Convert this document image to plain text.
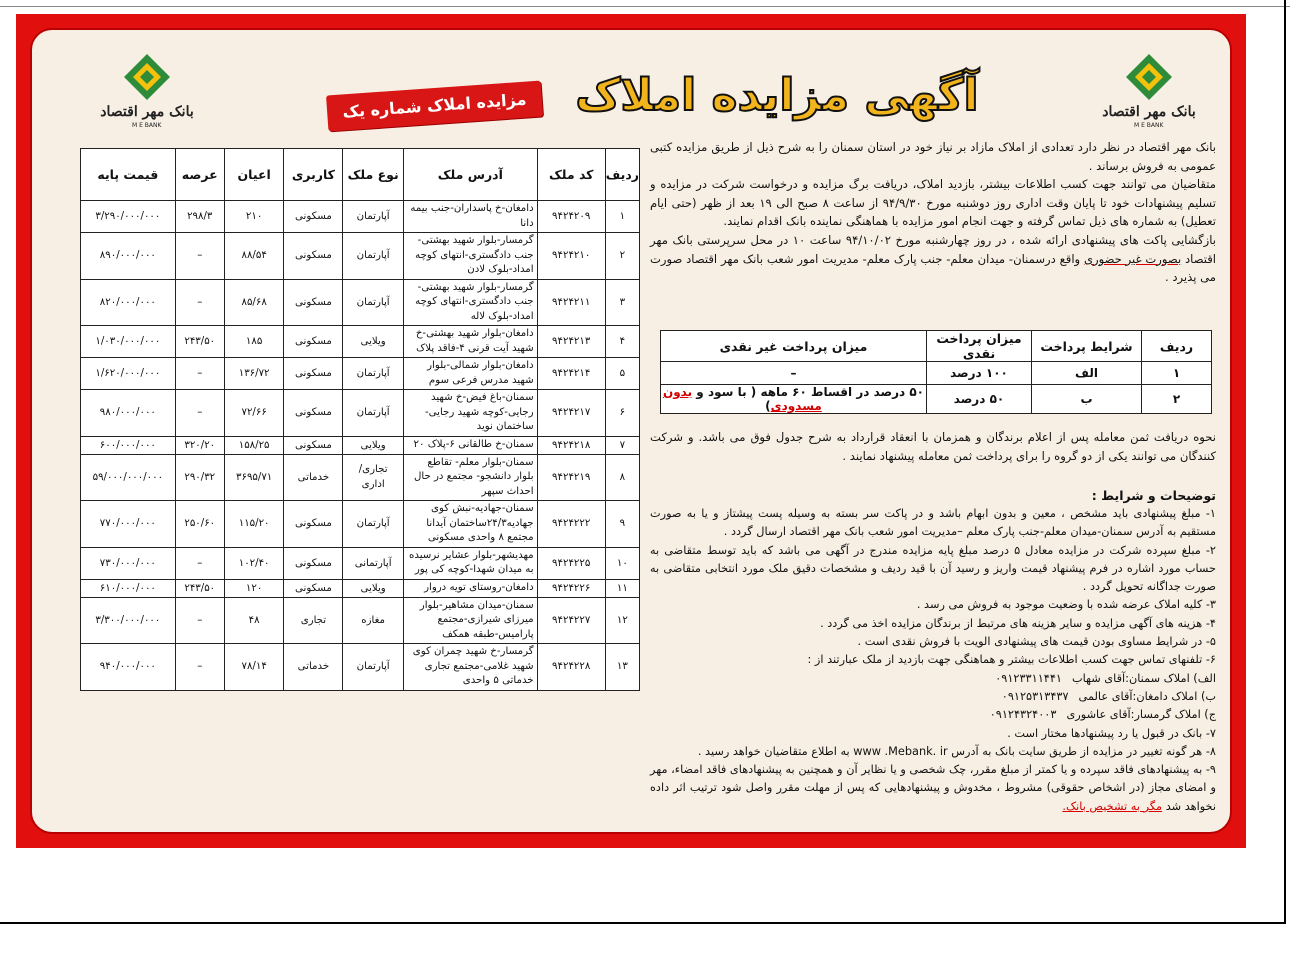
بانک مهر اقتصاد
M E BANK
بانک مهر اقتصاد
M E BANK
آگهی مزایده املاک
مزایده املاک شماره یک

بانک مهر اقتصاد در نظر دارد تعدادی از املاک مازاد بر نیاز خود در استان سمنان را به شرح ذیل از طریق مزایده کتبی عمومی به فروش برساند .

متقاضیان می توانند جهت کسب اطلاعات بیشتر، بازدید املاک، دریافت برگ مزایده و درخواست شرکت در مزایده و تسلیم پیشنهادات خود تا پایان وقت اداری روز دوشنبه مورخ ۹۴/۹/۳۰ از ساعت ۸ صبح الی ۱۹ بعد از ظهر (حتی ایام تعطیل) به شماره های ذیل تماس گرفته و جهت انجام امور مزایده با هماهنگی نماینده بانک اقدام نمایند.

بازگشایی پاکت های پیشنهادی ارائه شده ، در روز چهارشنبه مورخ ۹۴/۱۰/۰۲ ساعت ۱۰ در محل سرپرستی بانک مهر اقتصاد بصورت غیر حضوری واقع درسمنان- میدان معلم- جنب پارک معلم- مدیریت امور شعب بانک مهر اقتصاد صورت می پذیرد .

ردیف	شرایط پرداخت	میزان پرداخت نقدی	میزان پرداخت غیر نقدی
۱	الف	۱۰۰ درصد	–
۲	ب	۵۰ درصد	۵۰ درصد در اقساط ۶۰ ماهه ( با سود و بدون مسدودی)
نحوه دریافت ثمن معامله پس از اعلام برندگان و همزمان با انعقاد قرارداد به شرح جدول فوق می باشد. و شرکت کنندگان می توانند یکی از دو گروه را برای پرداخت ثمن معامله پیشنهاد نمایند .
توضیحات و شرایط :

۱- مبلغ پیشنهادی باید مشخص ، معین و بدون ابهام باشد و در پاکت سر بسته به وسیله پست پیشتاز و یا به صورت مستقیم به آدرس سمنان-میدان معلم-جنب پارک معلم –مدیریت امور شعب بانک مهر اقتصاد ارسال گردد .

۲- مبلغ سپرده شرکت در مزایده معادل ۵ درصد مبلغ پایه مزایده مندرج در آگهی می باشد که باید توسط متقاضی به حساب مورد اشاره در فرم پیشنهاد قیمت واریز و رسید آن با قید ردیف و مشخصات دقیق ملک مورد انتخابی متقاضی به صورت جداگانه تحویل گردد .

۳- کلیه املاک عرضه شده با وضعیت موجود به فروش می رسد .

۴- هزینه های آگهی مزایده و سایر هزینه های مرتبط از برندگان مزایده اخذ می گردد .

۵- در شرایط مساوی بودن قیمت های پیشنهادی الویت با فروش نقدی است .

۶- تلفنهای تماس جهت کسب اطلاعات بیشتر و هماهنگی جهت بازدید از ملک عبارتند از :

الف) املاک سمنان:آقای شهاب
۰۹۱۲۳۳۱۱۴۴۱

ب) املاک دامغان:آقای عالمی
۰۹۱۲۵۳۱۳۴۳۷

ج) املاک گرمسار:آقای عاشوری
۰۹۱۲۴۳۲۴۰۰۳

۷- بانک در قبول یا رد پیشنهادها مختار است .

۸- هر گونه تغییر در مزایده از طریق سایت بانک به آدرس www .Mebank. ir به اطلاع متقاضیان خواهد رسید .

۹- به پیشنهادهای فاقد سپرده و یا کمتر از مبلغ مقرر، چک شخصی و یا نظایر آن و همچنین به پیشنهادهای فاقد امضاء، مهر و امضای مجاز (در اشخاص حقوقی) مشروط ، مخدوش و پیشنهادهایی که پس از مهلت مقرر واصل شود ترتیب اثر داده نخواهد شد مگر به تشخیص بانک.

ردیف	کد ملک	آدرس ملک	نوع ملک	کاربری	اعیان	عرصه	قیمت پایه
۱	۹۴۲۴۲۰۹	دامغان-خ پاسداران-جنب بیمه دانا	آپارتمان	مسکونی	۲۱۰	۲۹۸/۳	۳/۲۹۰/۰۰۰/۰۰۰
۲	۹۴۲۴۲۱۰	گرمسار-بلوار شهید بهشتی- جنب دادگستری-انتهای کوچه امداد-بلوک لادن	آپارتمان	مسکونی	۸۸/۵۴	–	۸۹۰/۰۰۰/۰۰۰
۳	۹۴۲۴۲۱۱	گرمسار-بلوار شهید بهشتی- جنب دادگستری-انتهای کوچه امداد-بلوک لاله	آپارتمان	مسکونی	۸۵/۶۸	–	۸۲۰/۰۰۰/۰۰۰
۴	۹۴۲۴۲۱۳	دامغان-بلوار شهید بهشتی-خ شهید آیت قرنی ۴-فاقد پلاک	ویلایی	مسکونی	۱۸۵	۲۴۳/۵۰	۱/۰۳۰/۰۰۰/۰۰۰
۵	۹۴۲۴۲۱۴	دامغان-بلوار شمالی-بلوار شهید مدرس فرعی سوم	آپارتمان	مسکونی	۱۳۶/۷۲	–	۱/۶۲۰/۰۰۰/۰۰۰
۶	۹۴۲۴۲۱۷	سمنان-باغ فیض-خ شهید رجایی-کوچه شهید رجایی- ساختمان نوید	آپارتمان	مسکونی	۷۲/۶۶	–	۹۸۰/۰۰۰/۰۰۰
۷	۹۴۲۴۲۱۸	سمنان-خ طالقانی ۶-پلاک ۲۰	ویلایی	مسکونی	۱۵۸/۲۵	۳۲۰/۲۰	۶۰۰/۰۰۰/۰۰۰
۸	۹۴۲۴۲۱۹	سمنان-بلوار معلم- تقاطع بلوار دانشجو- مجتمع در حال احداث سپهر	تجاری/ اداری	خدماتی	۳۶۹۵/۷۱	۲۹۰/۳۲	۵۹/۰۰۰/۰۰۰/۰۰۰
۹	۹۴۲۴۲۲۲	سمنان-جهادیه-نبش کوی جهادیه۲۴/۳ساختمان آیدانا مجتمع ۸ واحدی مسکونی	آپارتمان	مسکونی	۱۱۵/۲۰	۲۵۰/۶۰	۷۷۰/۰۰۰/۰۰۰
۱۰	۹۴۲۴۲۲۵	مهدیشهر-بلوار عشایر نرسیده به میدان شهدا-کوچه کی پور	آپارتمانی	مسکونی	۱۰۲/۴۰	–	۷۳۰/۰۰۰/۰۰۰
۱۱	۹۴۲۴۲۲۶	دامغان-روستای تویه دروار	ویلایی	مسکونی	۱۲۰	۲۴۳/۵۰	۶۱۰/۰۰۰/۰۰۰
۱۲	۹۴۲۴۲۲۷	سمنان-میدان مشاهیر-بلوار میرزای شیرازی-مجتمع پارامیس-طبقه همکف	مغازه	تجاری	۴۸	–	۳/۳۰۰/۰۰۰/۰۰۰
۱۳	۹۴۲۴۲۲۸	گرمسار-خ شهید چمران کوی شهید غلامی-مجتمع تجاری خدماتی ۵ واحدی	آپارتمان	خدماتی	۷۸/۱۴	–	۹۴۰/۰۰۰/۰۰۰
